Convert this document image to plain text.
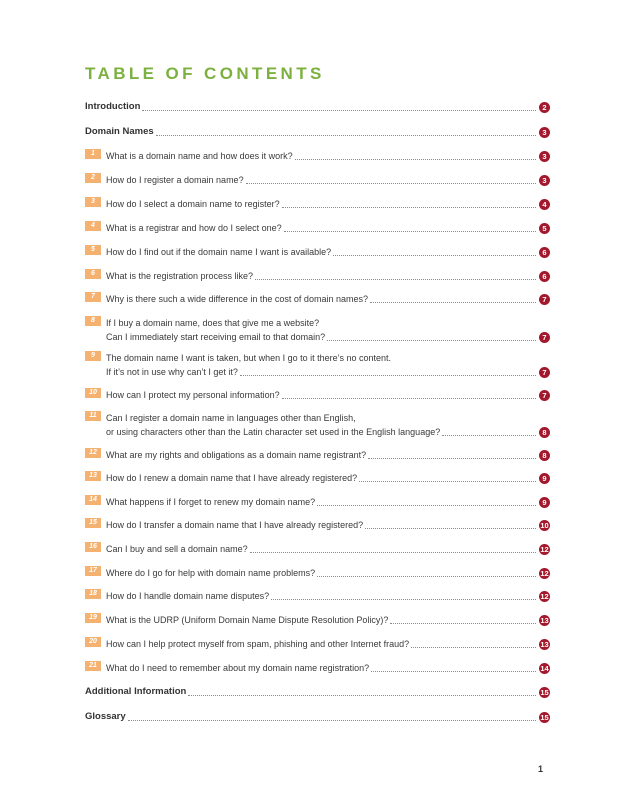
TABLE OF CONTENTS
Introduction	2
Domain Names	3
1	What is a domain name and how does it work?	3
2	How do I register a domain name?	3
3	How do I select a domain name to register?	4
4	What is a registrar and how do I select one?	5
5	How do I find out if the domain name I want is available?	6
6	What is the registration process like?	6
7	Why is there such a wide difference in the cost of domain names?	7
8	If I buy a domain name, does that give me a website?
Can I immediately start receiving email to that domain?	7
9	The domain name I want is taken, but when I go to it there’s no content.
If it’s not in use why can’t I get it?	7
10	How can I protect my personal information?	7
11	Can I register a domain name in languages other than English,
or using characters other than the Latin character set used in the English language?	8
12	What are my rights and obligations as a domain name registrant?	8
13	How do I renew a domain name that I have already registered?	9
14	What happens if I forget to renew my domain name?	9
15	How do I transfer a domain name that I have already registered?	10
16	Can I buy and sell a domain name?	12
17	Where do I go for help with domain name problems?	12
18	How do I handle domain name disputes?	12
19	What is the UDRP (Uniform Domain Name Dispute Resolution Policy)?	13
20	How can I help protect myself from spam, phishing and other Internet fraud?	13
21	What do I need to remember about my domain name registration?	14
Additional Information	15
Glossary	15
1
